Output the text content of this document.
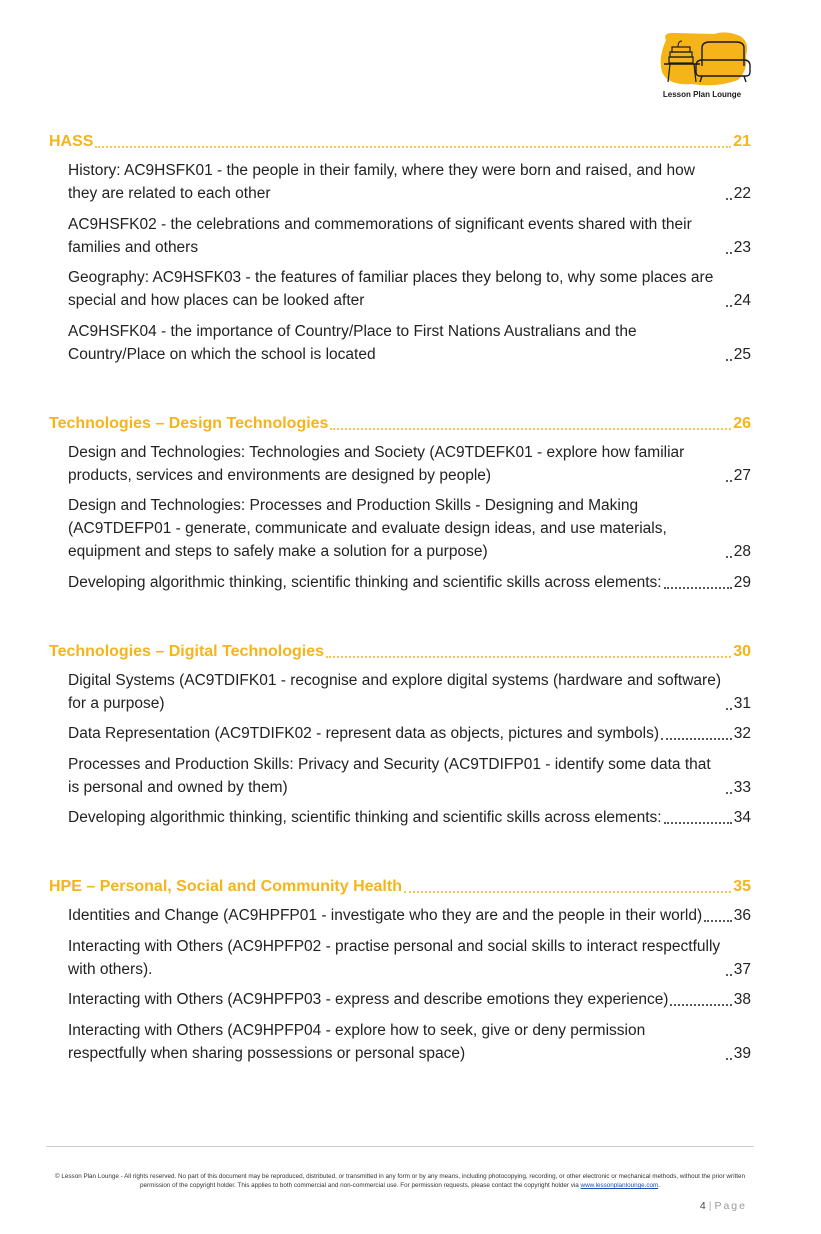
Lesson Plan Lounge
HASS	21
History: AC9HSFK01 - the people in their family, where they were born and raised, and how they are related to each other	22
AC9HSFK02 - the celebrations and commemorations of significant events shared with their families and others	23
Geography: AC9HSFK03 - the features of familiar places they belong to, why some places are special and how places can be looked after	24
AC9HSFK04 - the importance of Country/Place to First Nations Australians and the Country/Place on which the school is located	25
Technologies – Design Technologies	26
Design and Technologies: Technologies and Society (AC9TDEFK01 - explore how familiar products, services and environments are designed by people)	27
Design and Technologies: Processes and Production Skills - Designing and Making (AC9TDEFP01 - generate, communicate and evaluate design ideas, and use materials, equipment and steps to safely make a solution for a purpose)	28
Developing algorithmic thinking, scientific thinking and scientific skills across elements:	29
Technologies – Digital Technologies	30
Digital Systems (AC9TDIFK01 - recognise and explore digital systems (hardware and software) for a purpose)	31
Data Representation (AC9TDIFK02 - represent data as objects, pictures and symbols)	32
Processes and Production Skills: Privacy and Security (AC9TDIFP01 - identify some data that is personal and owned by them)	33
Developing algorithmic thinking, scientific thinking and scientific skills across elements:	34
HPE – Personal, Social and Community Health	35
Identities and Change (AC9HPFP01 - investigate who they are and the people in their world) 36
Interacting with Others (AC9HPFP02 - practise personal and social skills to interact respectfully with others).	37
Interacting with Others (AC9HPFP03 - express and describe emotions they experience)	38
Interacting with Others (AC9HPFP04 - explore how to seek, give or deny permission respectfully when sharing possessions or personal space)	39
© Lesson Plan Lounge - All rights reserved. No part of this document may be reproduced, distributed, or transmitted in any form or by any means, including photocopying, recording, or other electronic or mechanical methods, without the prior written permission of the copyright holder. This applies to both commercial and non-commercial use. For permission requests, please contact the copyright holder via www.lessonplanlounge.com.
4 | Page
